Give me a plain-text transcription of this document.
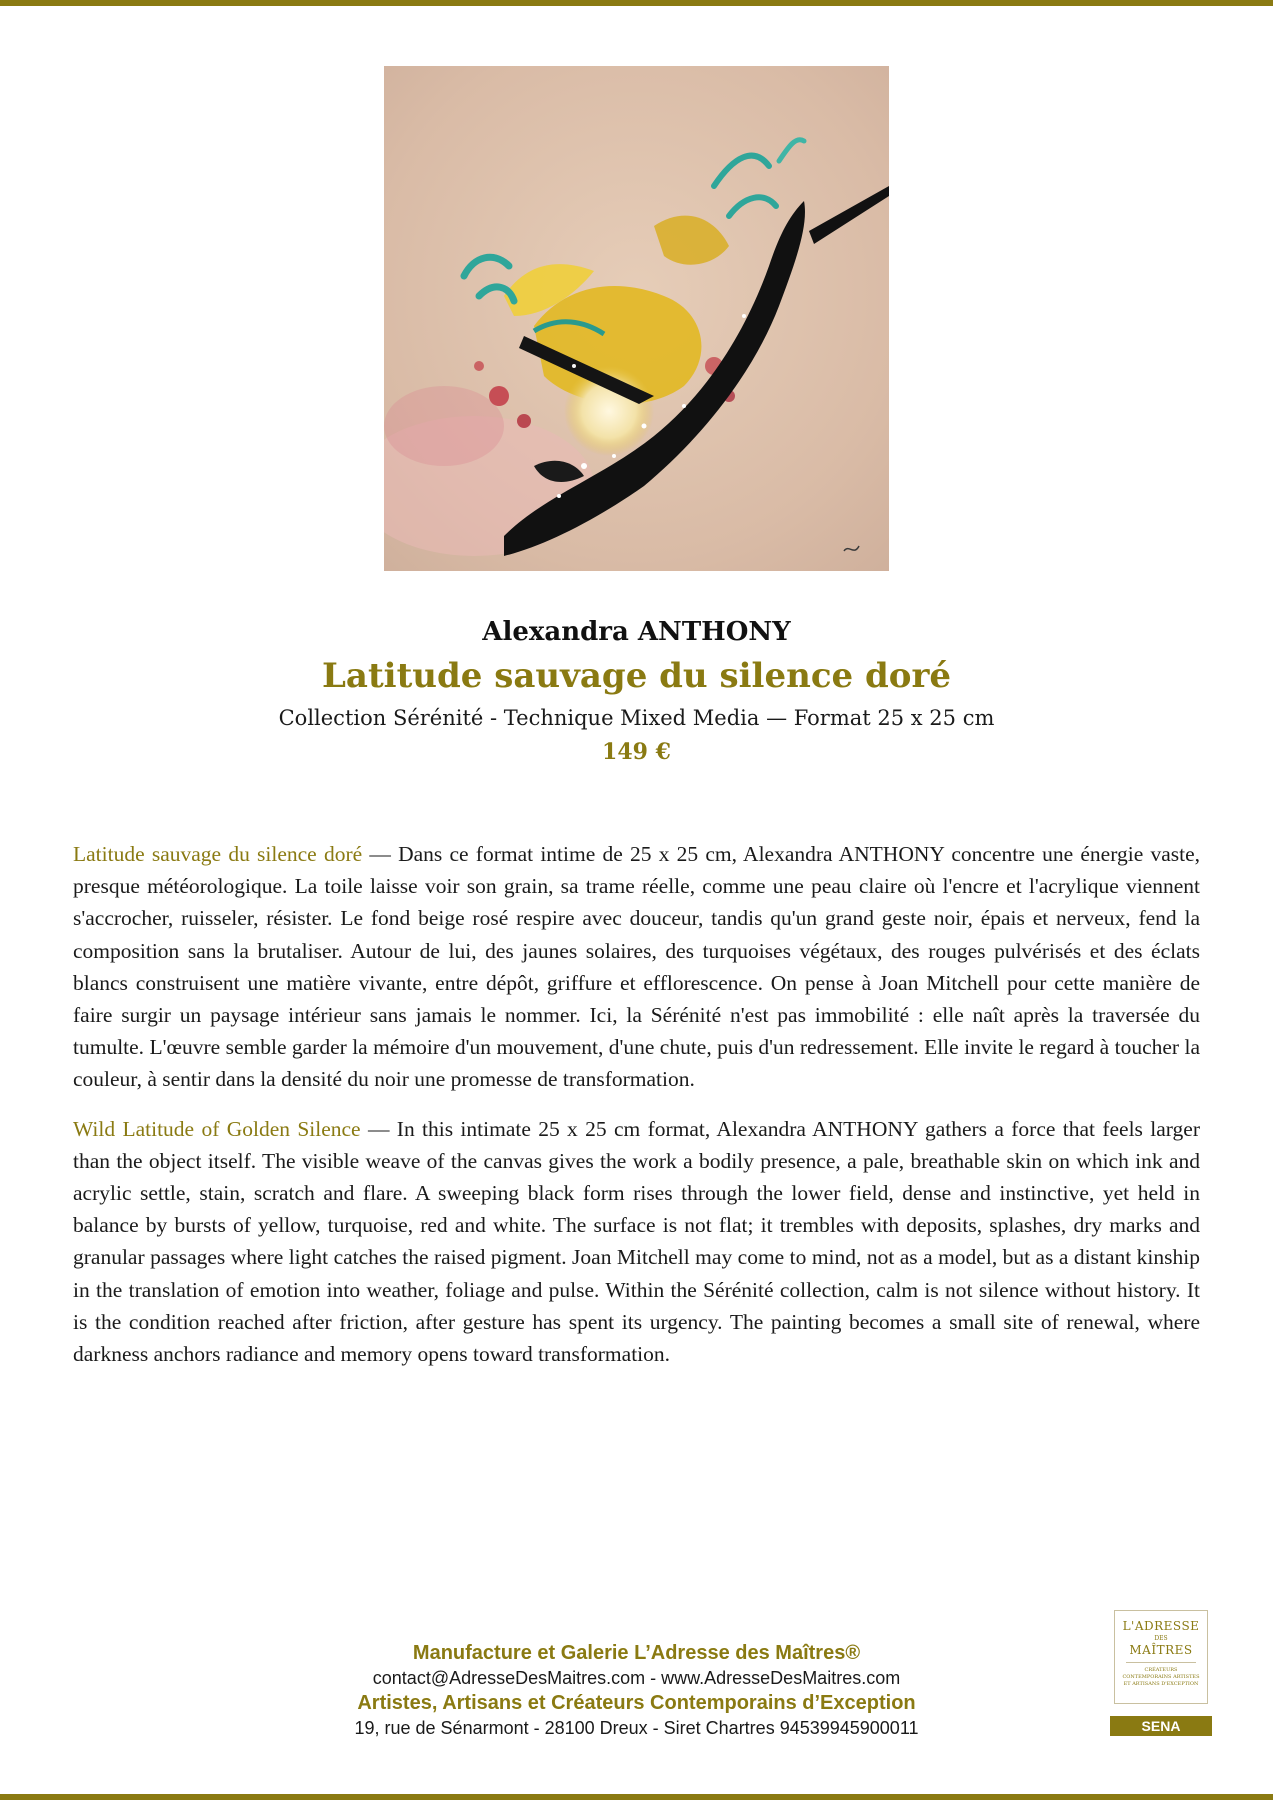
Alexandra ANTHONY
Latitude sauvage du silence doré
Collection Sérénité - Technique Mixed Media — Format 25 x 25 cm
149 €

Latitude sauvage du silence doré — Dans ce format intime de 25 x 25 cm, Alexandra ANTHONY concentre une énergie vaste, presque météorologique. La toile laisse voir son grain, sa trame réelle, comme une peau claire où l'encre et l'acrylique viennent s'accrocher, ruisseler, résister. Le fond beige rosé respire avec douceur, tandis qu'un grand geste noir, épais et nerveux, fend la composition sans la brutaliser. Autour de lui, des jaunes solaires, des turquoises végétaux, des rouges pulvérisés et des éclats blancs construisent une matière vivante, entre dépôt, griffure et efflorescence. On pense à Joan Mitchell pour cette manière de faire surgir un paysage intérieur sans jamais le nommer. Ici, la Sérénité n'est pas immobilité : elle naît après la traversée du tumulte. L'œuvre semble garder la mémoire d'un mouvement, d'une chute, puis d'un redressement. Elle invite le regard à toucher la couleur, à sentir dans la densité du noir une promesse de transformation.

Wild Latitude of Golden Silence — In this intimate 25 x 25 cm format, Alexandra ANTHONY gathers a force that feels larger than the object itself. The visible weave of the canvas gives the work a bodily presence, a pale, breathable skin on which ink and acrylic settle, stain, scratch and flare. A sweeping black form rises through the lower field, dense and instinctive, yet held in balance by bursts of yellow, turquoise, red and white. The surface is not flat; it trembles with deposits, splashes, dry marks and granular passages where light catches the raised pigment. Joan Mitchell may come to mind, not as a model, but as a distant kinship in the translation of emotion into weather, foliage and pulse. Within the Sérénité collection, calm is not silence without history. It is the condition reached after friction, after gesture has spent its urgency. The painting becomes a small site of renewal, where darkness anchors radiance and memory opens toward transformation.

Manufacture et Galerie L’Adresse des Maîtres®
contact@AdresseDesMaitres.com - www.AdresseDesMaitres.com
Artistes, Artisans et Créateurs Contemporains d’Exception
19, rue de Sénarmont - 28100 Dreux - Siret Chartres 94539945900011
L'ADRESSE
DES
MAÎTRES
CRÉATEURS CONTEMPORAINS ARTISTES ET ARTISANS D'EXCEPTION
SENA
